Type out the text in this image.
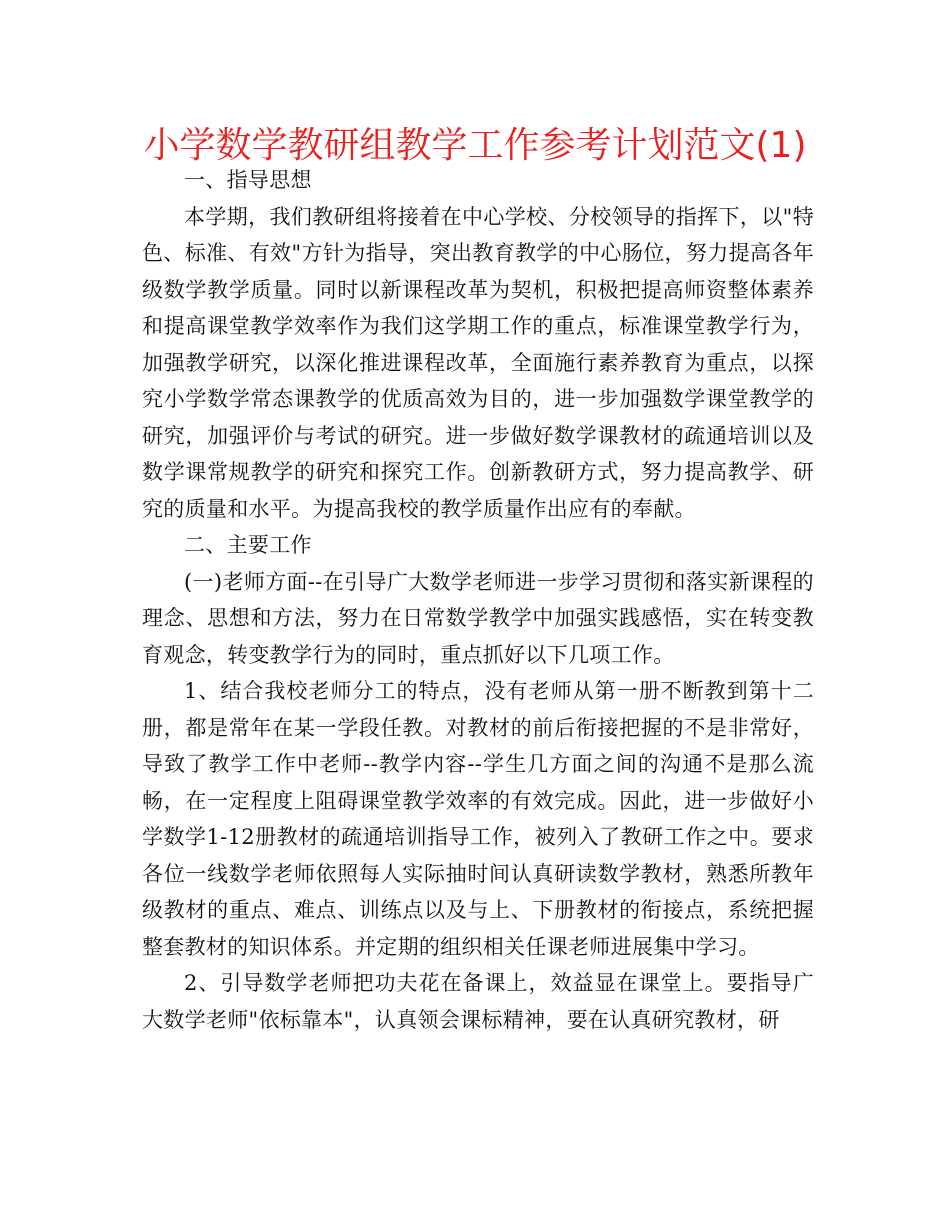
小学数学教研组教学工作参考计划范文(1)

一、指导思想

本学期，我们教研组将接着在中心学校、分校领导的指挥下，以"特色、标准、有效"方针为指导，突出教育教学的中心肠位，努力提高各年级数学教学质量。同时以新课程改革为契机，积极把提高师资整体素养和提高课堂教学效率作为我们这学期工作的重点，标准课堂教学行为，加强教学研究，以深化推进课程改革，全面施行素养教育为重点，以探究小学数学常态课教学的优质高效为目的，进一步加强数学课堂教学的研究，加强评价与考试的研究。进一步做好数学课教材的疏通培训以及数学课常规教学的研究和探究工作。创新教研方式，努力提高教学、研究的质量和水平。为提高我校的教学质量作出应有的奉献。

二、主要工作

(一)老师方面--在引导广大数学老师进一步学习贯彻和落实新课程的理念、思想和方法，努力在日常数学教学中加强实践感悟，实在转变教育观念，转变教学行为的同时，重点抓好以下几项工作。

1、结合我校老师分工的特点，没有老师从第一册不断教到第十二册，都是常年在某一学段任教。对教材的前后衔接把握的不是非常好，导致了教学工作中老师--教学内容--学生几方面之间的沟通不是那么流畅，在一定程度上阻碍课堂教学效率的有效完成。因此，进一步做好小学数学1-12册教材的疏通培训指导工作，被列入了教研工作之中。要求各位一线数学老师依照每人实际抽时间认真研读数学教材，熟悉所教年级教材的重点、难点、训练点以及与上、下册教材的衔接点，系统把握整套教材的知识体系。并定期的组织相关任课老师进展集中学习。

2、引导数学老师把功夫花在备课上，效益显在课堂上。要指导广大数学老师"依标靠本"，认真领会课标精神，要在认真研究教材，研
